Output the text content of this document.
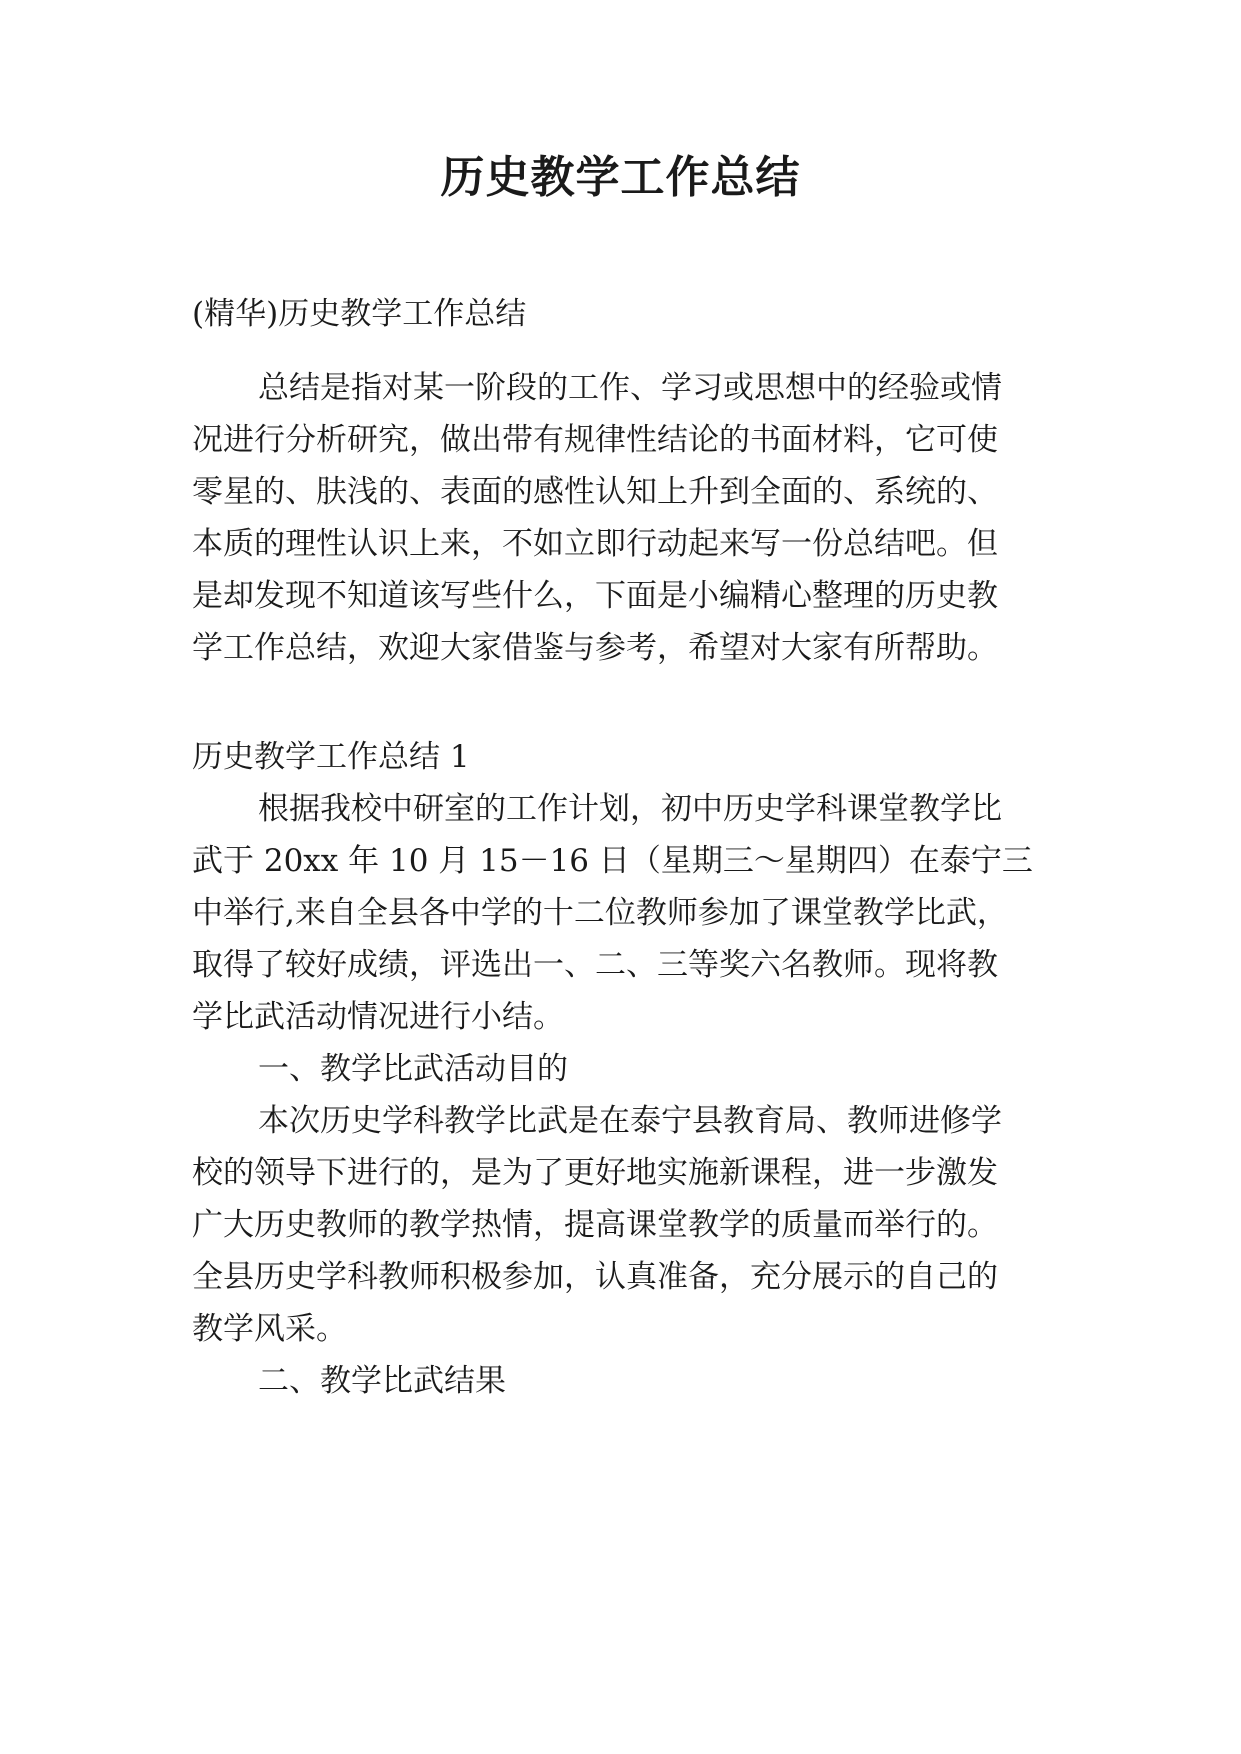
历史教学工作总结

(精华)历史教学工作总结

总结是指对某一阶段的工作、学习或思想中的经验或情

况进行分析研究，做出带有规律性结论的书面材料，它可使

零星的、肤浅的、表面的感性认知上升到全面的、系统的、

本质的理性认识上来，不如立即行动起来写一份总结吧。但

是却发现不知道该写些什么，下面是小编精心整理的历史教

学工作总结，欢迎大家借鉴与参考，希望对大家有所帮助。

历史教学工作总结 1

根据我校中研室的工作计划，初中历史学科课堂教学比

武于 20xx 年 10 月 15－16 日（星期三～星期四）在泰宁三

中举行,来自全县各中学的十二位教师参加了课堂教学比武，

取得了较好成绩，评选出一、二、三等奖六名教师。现将教

学比武活动情况进行小结。

一、教学比武活动目的

本次历史学科教学比武是在泰宁县教育局、教师进修学

校的领导下进行的，是为了更好地实施新课程，进一步激发

广大历史教师的教学热情，提高课堂教学的质量而举行的。

全县历史学科教师积极参加，认真准备，充分展示的自己的

教学风采。

二、教学比武结果
